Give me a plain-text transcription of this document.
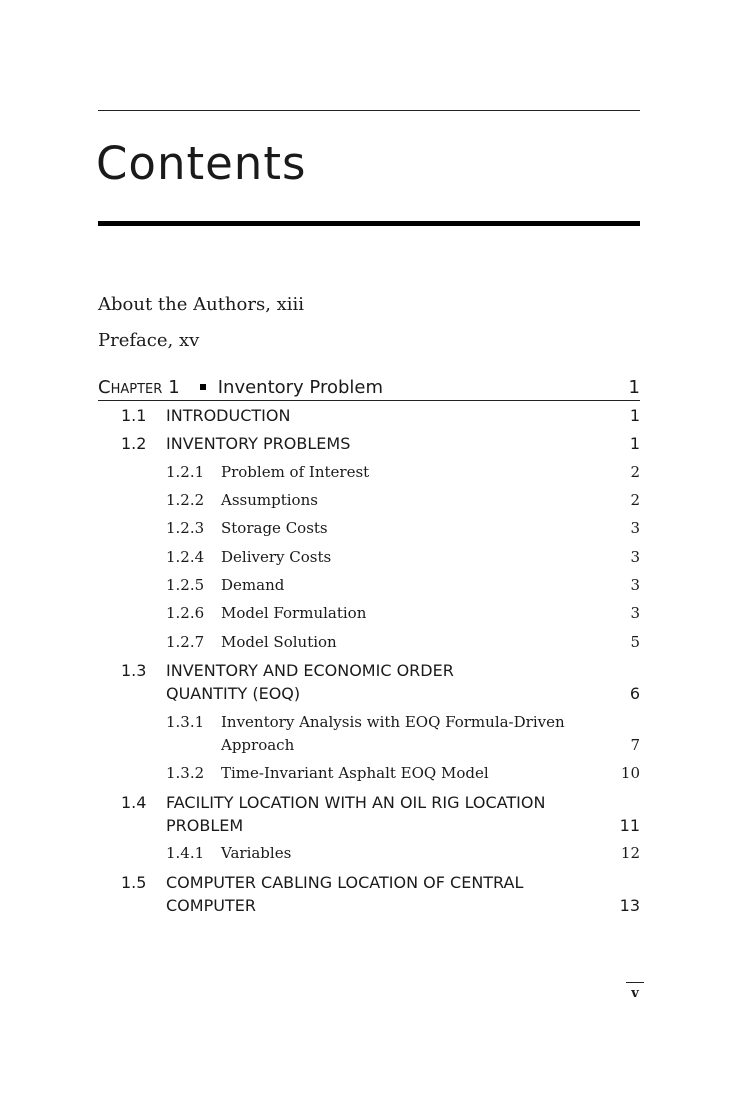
Contents
About the Authors, xiii
Preface, xv
CHAPTER 1 Inventory Problem	1
1.1 INTRODUCTION	1
1.2 INVENTORY PROBLEMS	1
1.2.1 Problem of Interest	2
1.2.2 Assumptions	2
1.2.3 Storage Costs	3
1.2.4 Delivery Costs	3
1.2.5 Demand	3
1.2.6 Model Formulation	3
1.2.7 Model Solution	5
1.3 INVENTORY AND ECONOMIC ORDER
QUANTITY (EOQ)	6
1.3.1 Inventory Analysis with EOQ Formula-Driven
Approach	7
1.3.2 Time-Invariant Asphalt EOQ Model	10
1.4 FACILITY LOCATION WITH AN OIL RIG LOCATION
PROBLEM	11
1.4.1 Variables	12
1.5 COMPUTER CABLING LOCATION OF CENTRAL
COMPUTER	13
v
